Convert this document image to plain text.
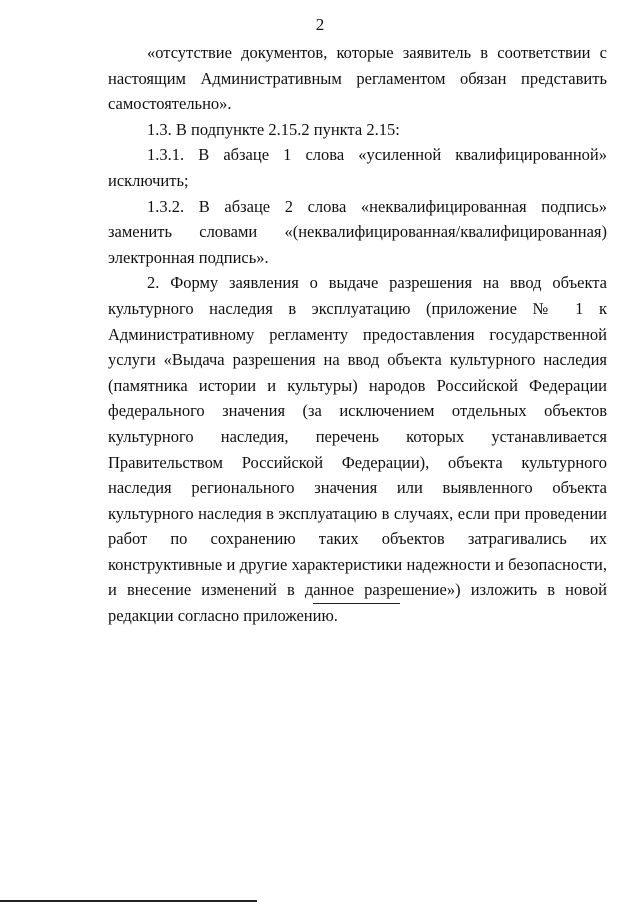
2

«отсутствие документов, которые заявитель в соответствии с настоящим Административным регламентом обязан представить самостоятельно».

1.3. В подпункте 2.15.2 пункта 2.15:

1.3.1. В абзаце 1 слова «усиленной квалифицированной» исключить;

1.3.2. В абзаце 2 слова «неквалифицированная подпись» заменить словами «(неквалифицированная/квалифицированная) электронная подпись».

2. Форму заявления о выдаче разрешения на ввод объекта культурного наследия в эксплуатацию (приложение № 1 к Административному регламенту предоставления государственной услуги «Выдача разрешения на ввод объекта культурного наследия (памятника истории и культуры) народов Российской Федерации федерального значения (за исключением отдельных объектов культурного наследия, перечень которых устанавливается Правительством Российской Федерации), объекта культурного наследия регионального значения или выявленного объекта культурного наследия в эксплуатацию в случаях, если при проведении работ по сохранению таких объектов затрагивались их конструктивные и другие характеристики надежности и безопасности, и внесение изменений в данное разрешение») изложить в новой редакции согласно приложению.
